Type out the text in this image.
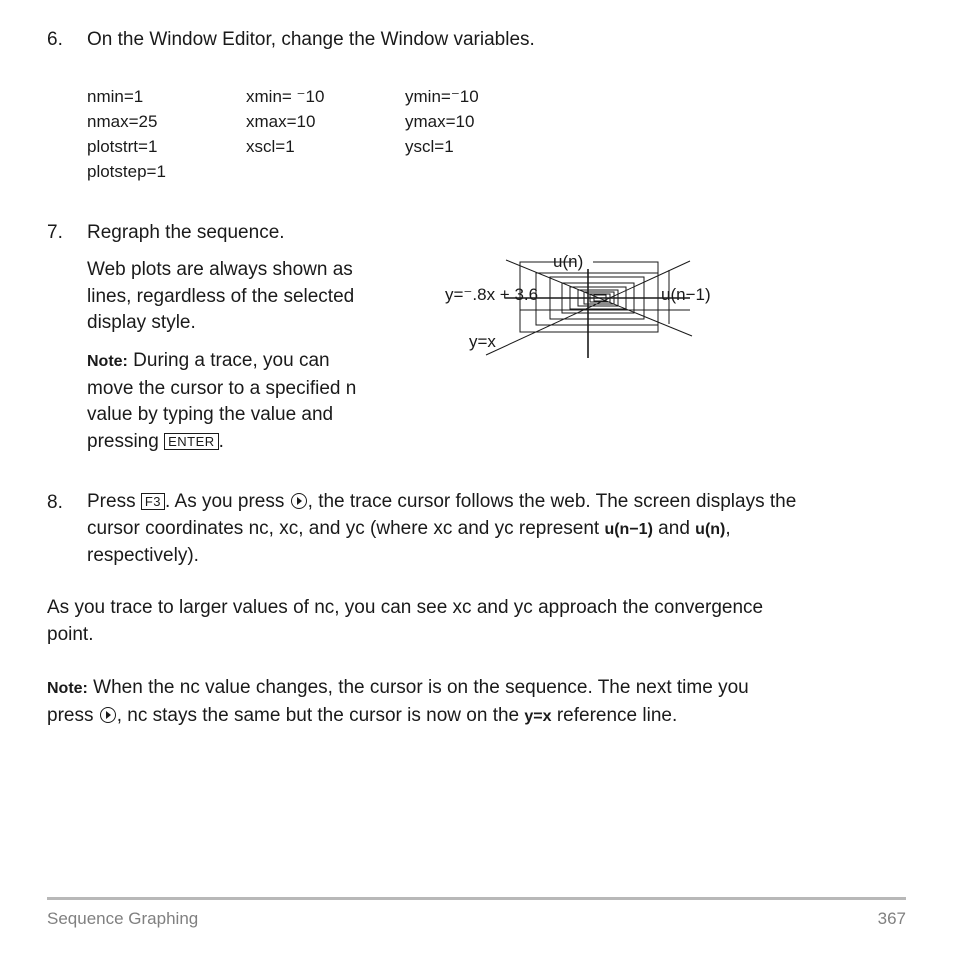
6. On the Window Editor, change the Window variables.
nmin=1
nmax=25
plotstrt=1
plotstep=1
xmin= ⁻10
xmax=10
xscl=1
ymin=⁻10
ymax=10
yscl=1
7. Regraph the sequence.
Web plots are always shown as
lines, regardless of the selected
display style.
Note: During a trace, you can
move the cursor to a specified n
value by typing the value and
pressing ENTER .
u(n)
u(n−1)
y=⁻.8x + 3.6
y=x
8. Press F3 . As you press , the trace cursor follows the web. The screen displays the
cursor coordinates nc, xc, and yc (where xc and yc represent u(n−1) and u(n),
respectively).
As you trace to larger values of nc, you can see xc and yc approach the convergence
point.
Note: When the nc value changes, the cursor is on the sequence. The next time you
press , nc stays the same but the cursor is now on the y=x reference line.
Sequence Graphing	367
